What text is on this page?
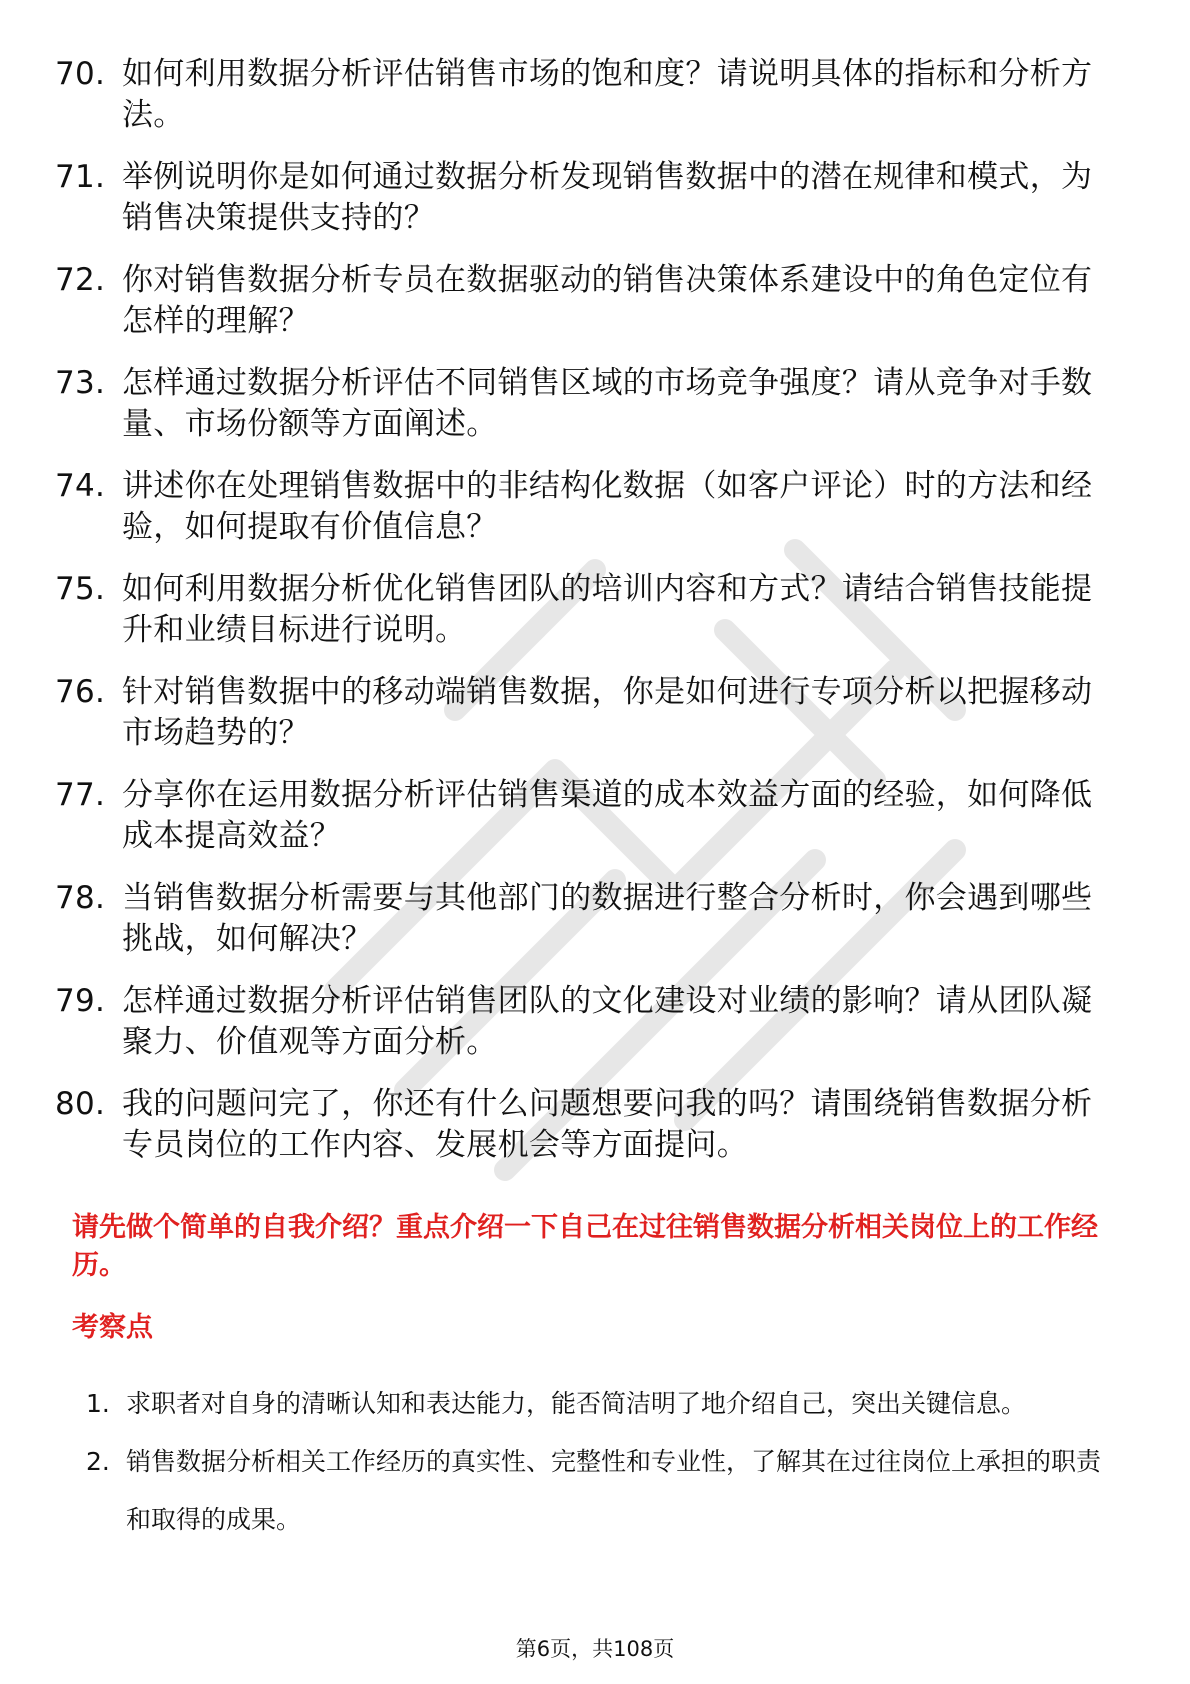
70. 如何利用数据分析评估销售市场的饱和度？请说明具体的指标和分析方法。
71. 举例说明你是如何通过数据分析发现销售数据中的潜在规律和模式，为销售决策提供支持的？
72. 你对销售数据分析专员在数据驱动的销售决策体系建设中的角色定位有怎样的理解？
73. 怎样通过数据分析评估不同销售区域的市场竞争强度？请从竞争对手数量、市场份额等方面阐述。
74. 讲述你在处理销售数据中的非结构化数据（如客户评论）时的方法和经验，如何提取有价值信息？
75. 如何利用数据分析优化销售团队的培训内容和方式？请结合销售技能提升和业绩目标进行说明。
76. 针对销售数据中的移动端销售数据，你是如何进行专项分析以把握移动市场趋势的？
77. 分享你在运用数据分析评估销售渠道的成本效益方面的经验，如何降低成本提高效益？
78. 当销售数据分析需要与其他部门的数据进行整合分析时，你会遇到哪些挑战，如何解决？
79. 怎样通过数据分析评估销售团队的文化建设对业绩的影响？请从团队凝聚力、价值观等方面分析。
80. 我的问题问完了，你还有什么问题想要问我的吗？请围绕销售数据分析专员岗位的工作内容、发展机会等方面提问。
请先做个简单的自我介绍？重点介绍一下自己在过往销售数据分析相关岗位上的工作经历。
考察点
1. 求职者对自身的清晰认知和表达能力，能否简洁明了地介绍自己，突出关键信息。
2. 销售数据分析相关工作经历的真实性、完整性和专业性，了解其在过往岗位上承担的职责和取得的成果。
第6页，共108页
